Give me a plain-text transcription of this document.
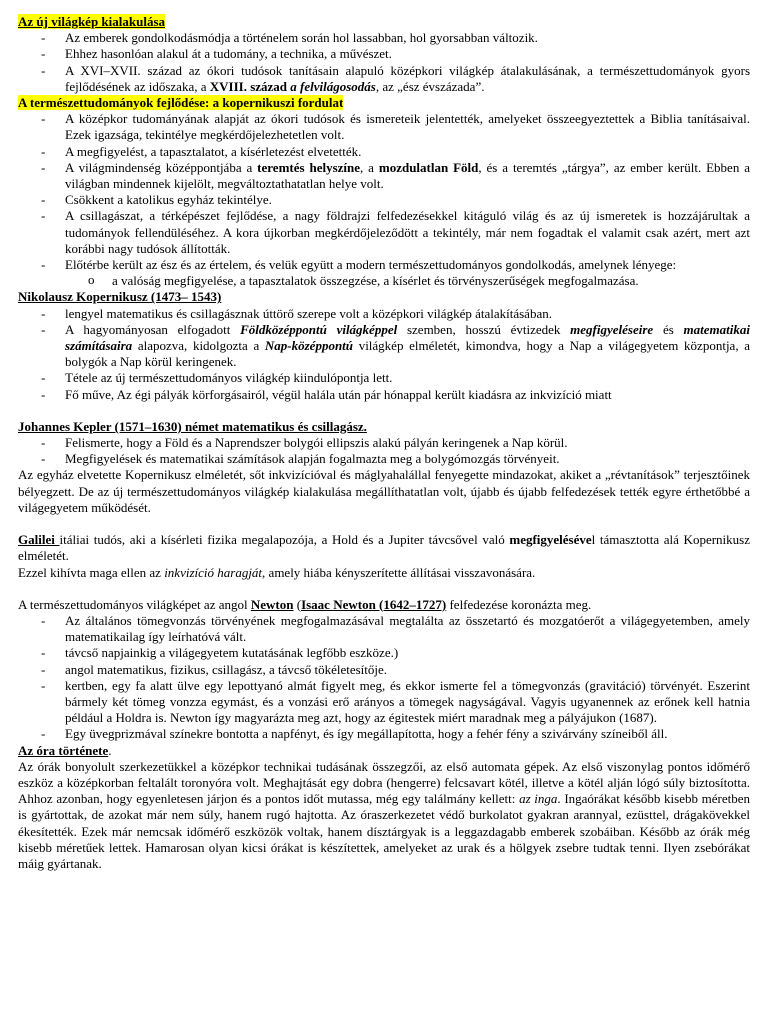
Az új világkép kialakulása
- Az emberek gondolkodásmódja a történelem során hol lassabban, hol gyorsabban változik.
- Ehhez hasonlóan alakul át a tudomány, a technika, a művészet.
- A XVI–XVII. század az ókori tudósok tanításain alapuló középkori világkép átalakulásának, a természettudományok gyors fejlődésének az időszaka, a XVIII. század a felvilágosodás, az „ész évszázada”.
A természettudományok fejlődése: a kopernikuszi fordulat
- A középkor tudományának alapját az ókori tudósok és ismereteik jelentették, amelyeket összeegyeztettek a Biblia tanításaival. Ezek igazsága, tekintélye megkérdőjelezhetetlen volt.
- A megfigyelést, a tapasztalatot, a kísérletezést elvetették.
- A világmindenség középpontjába a teremtés helyszíne, a mozdulatlan Föld, és a teremtés „tárgya”, az ember került. Ebben a világban mindennek kijelölt, megváltoztathatatlan helye volt.
- Csökkent a katolikus egyház tekintélye.
- A csillagászat, a térképészet fejlődése, a nagy földrajzi felfedezésekkel kitáguló világ és az új ismeretek is hozzájárultak a tudományok fellendüléséhez. A kora újkorban megkérdőjeleződött a tekintély, már nem fogadtak el valamit csak azért, mert azt korábbi nagy tudósok állították.
- Előtérbe került az ész és az értelem, és velük együtt a modern természettudományos gondolkodás, amelynek lényege:
o a valóság megfigyelése, a tapasztalatok összegzése, a kísérlet és törvényszerűségek megfogalmazása.
Nikolausz Kopernikusz (1473– 1543)
- lengyel matematikus és csillagásznak úttörő szerepe volt a középkori világkép átalakításában.
- A hagyományosan elfogadott Földközéppontú világképpel szemben, hosszú évtizedek megfigyeléseire és matematikai számításaira alapozva, kidolgozta a Nap-középpontú világkép elméletét, kimondva, hogy a Nap a világegyetem központja, a bolygók a Nap körül keringenek.
- Tétele az új természettudományos világkép kiindulópontja lett.
- Fő műve, Az égi pályák körforgásairól, végül halála után pár hónappal került kiadásra az inkvizíció miatt
Johannes Kepler (1571–1630) német matematikus és csillagász.
- Felismerte, hogy a Föld és a Naprendszer bolygói ellipszis alakú pályán keringenek a Nap körül.
- Megfigyelések és matematikai számítások alapján fogalmazta meg a bolygómozgás törvényeit.

Az egyház elvetette Kopernikusz elméletét, sőt inkvizícióval és máglyahalállal fenyegette mindazokat, akiket a „révtanítások” terjesztőinek bélyegzett. De az új természettudományos világkép kialakulása megállíthatatlan volt, újabb és újabb felfedezések tették egyre érthetőbbé a világegyetem működését.

Galilei itáliai tudós, aki a kísérleti fizika megalapozója, a Hold és a Jupiter távcsővel való megfigyelésével támasztotta alá Kopernikusz elméletét.

Ezzel kihívta maga ellen az inkvizíció haragját, amely hiába kényszerítette állításai visszavonására.

A természettudományos világképet az angol Newton (Isaac Newton (1642–1727) felfedezése koronázta meg.

- Az általános tömegvonzás törvényének megfogalmazásával megtalálta az összetartó és mozgatóerőt a világegyetemben, amely matematikailag így leírhatóvá vált.
- távcső napjainkig a világegyetem kutatásának legfőbb eszköze.)
- angol matematikus, fizikus, csillagász, a távcső tökéletesítője.
- kertben, egy fa alatt ülve egy lepottyanó almát figyelt meg, és ekkor ismerte fel a tömegvonzás (gravitáció) törvényét. Eszerint bármely két tömeg vonzza egymást, és a vonzási erő arányos a tömegek nagyságával. Vagyis ugyanennek az erőnek kell hatnia például a Holdra is. Newton így magyarázta meg azt, hogy az égitestek miért maradnak meg a pályájukon (1687).
- Egy üvegprizmával színekre bontotta a napfényt, és így megállapította, hogy a fehér fény a szivárvány színeiből áll.
Az óra története.

Az órák bonyolult szerkezetükkel a középkor technikai tudásának összegzői, az első automata gépek. Az első viszonylag pontos időmérő eszköz a középkorban feltalált toronyóra volt. Meghajtását egy dobra (hengerre) felcsavart kötél, illetve a kötél alján lógó súly biztosította. Ahhoz azonban, hogy egyenletesen járjon és a pontos időt mutassa, még egy találmány kellett: az inga. Ingaórákat később kisebb méretben is gyártottak, de azokat már nem súly, hanem rugó hajtotta. Az óraszerkezetet védő burkolatot gyakran arannyal, ezüsttel, drágakövekkel ékesítették. Ezek már nemcsak időmérő eszközök voltak, hanem dísztárgyak is a leggazdagabb emberek szobáiban. Később az órák még kisebb méretűek lettek. Hamarosan olyan kicsi órákat is készítettek, amelyeket az urak és a hölgyek zsebre tudtak tenni. Ilyen zsebórákat máig gyártanak.
